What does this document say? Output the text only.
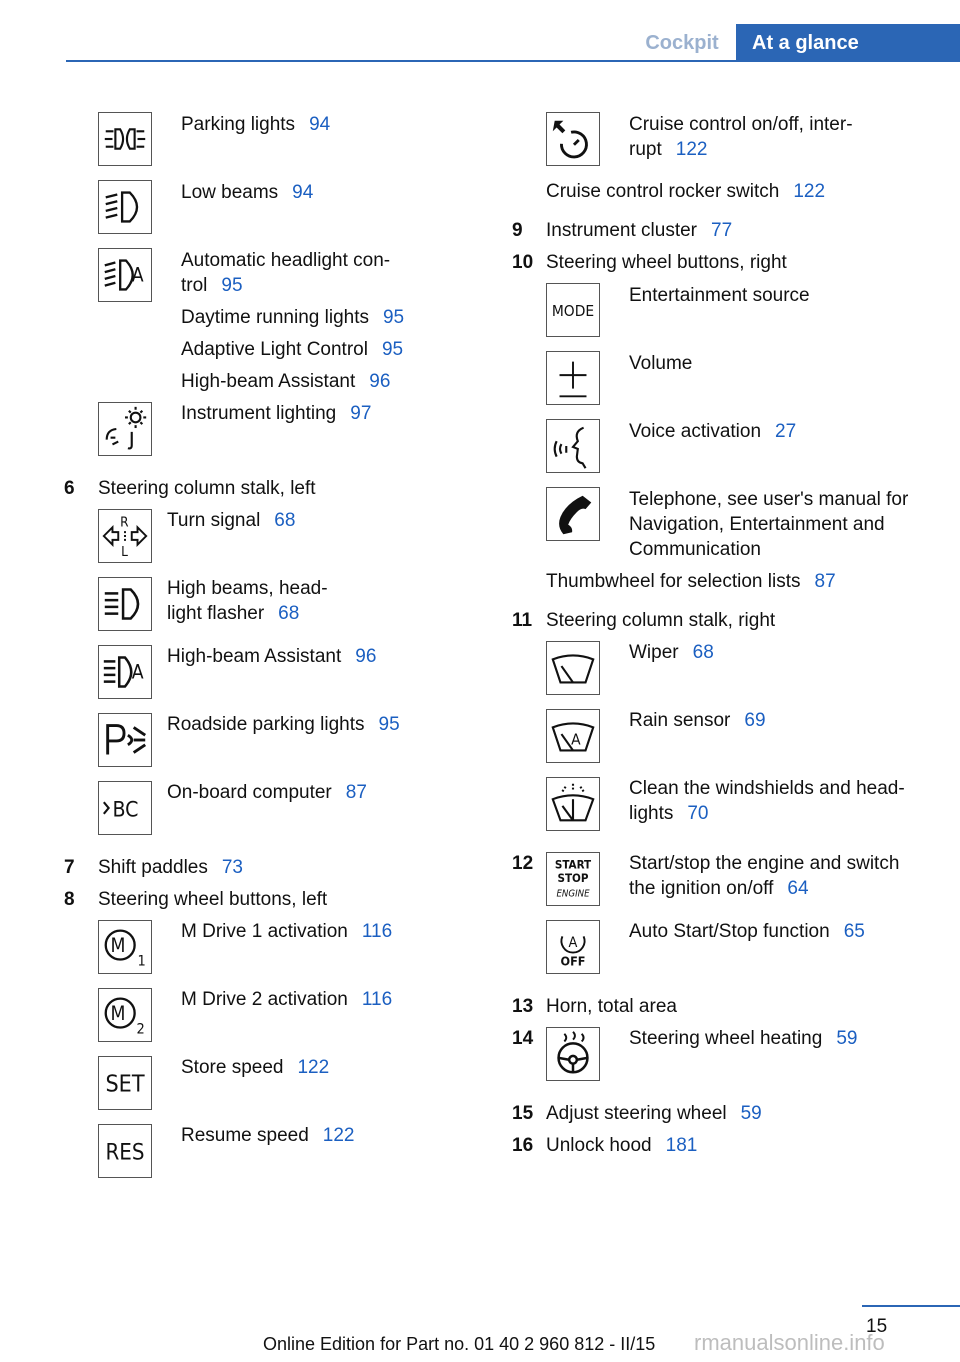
Cockpit	At a glance
Parking lights 94
Low beams 94
A
Automatic headlight con-
trol 95
Daytime running lights 95
Adaptive Light Control 95
High-beam Assistant 96
Instrument lighting 97
6 Steering column stalk, left
R
L
Turn signal 68
High beams, head-
light flasher 68
A
High-beam Assistant 96
Roadside parking lights 95
BC
On-board computer 87
7 Shift paddles 73
8 Steering wheel buttons, left
M
1
M Drive 1 activation 116
M
2
M Drive 2 activation 116
SET
Store speed 122
RES
Resume speed 122
Cruise control on/off, inter-
rupt 122
Cruise control rocker switch 122
9 Instrument cluster 77
10 Steering wheel buttons, right
MODE
Entertainment source
Volume
Voice activation 27
Telephone, see user's manual for
Navigation, Entertainment and
Communication
Thumbwheel for selection lists 87
11 Steering column stalk, right
Wiper 68
A
Rain sensor 69
Clean the windshields and head-
lights 70
12 START
STOP
ENGINE
Start/stop the engine and switch
the ignition on/off 64
A
OFF
Auto Start/Stop function 65
13 Horn, total area
14	Steering wheel heating 59
15 Adjust steering wheel 59
16 Unlock hood 181
15
Online Edition for Part no. 01 40 2 960 812 - II/15 rmanualsonline.info
